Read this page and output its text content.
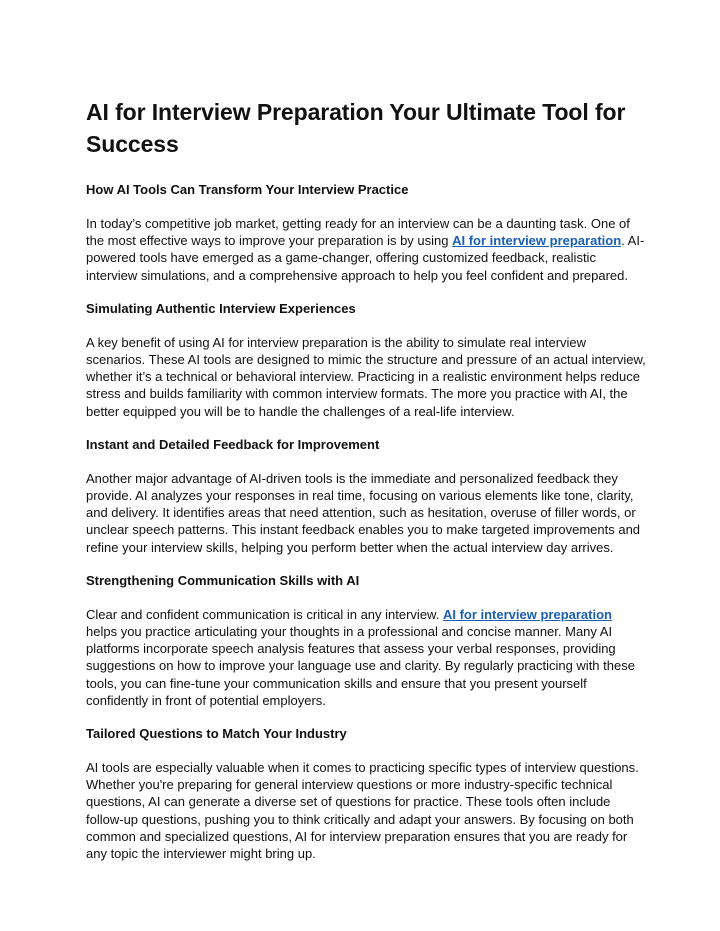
AI for Interview Preparation Your Ultimate Tool for Success
How AI Tools Can Transform Your Interview Practice

In today’s competitive job market, getting ready for an interview can be a daunting task. One of the most effective ways to improve your preparation is by using AI for interview preparation. AI-powered tools have emerged as a game-changer, offering customized feedback, realistic interview simulations, and a comprehensive approach to help you feel confident and prepared.

Simulating Authentic Interview Experiences

A key benefit of using AI for interview preparation is the ability to simulate real interview scenarios. These AI tools are designed to mimic the structure and pressure of an actual interview, whether it’s a technical or behavioral interview. Practicing in a realistic environment helps reduce stress and builds familiarity with common interview formats. The more you practice with AI, the better equipped you will be to handle the challenges of a real-life interview.

Instant and Detailed Feedback for Improvement

Another major advantage of AI-driven tools is the immediate and personalized feedback they provide. AI analyzes your responses in real time, focusing on various elements like tone, clarity, and delivery. It identifies areas that need attention, such as hesitation, overuse of filler words, or unclear speech patterns. This instant feedback enables you to make targeted improvements and refine your interview skills, helping you perform better when the actual interview day arrives.

Strengthening Communication Skills with AI

Clear and confident communication is critical in any interview. AI for interview preparation helps you practice articulating your thoughts in a professional and concise manner. Many AI platforms incorporate speech analysis features that assess your verbal responses, providing suggestions on how to improve your language use and clarity. By regularly practicing with these tools, you can fine-tune your communication skills and ensure that you present yourself confidently in front of potential employers.

Tailored Questions to Match Your Industry

AI tools are especially valuable when it comes to practicing specific types of interview questions. Whether you're preparing for general interview questions or more industry-specific technical questions, AI can generate a diverse set of questions for practice. These tools often include follow-up questions, pushing you to think critically and adapt your answers. By focusing on both common and specialized questions, AI for interview preparation ensures that you are ready for any topic the interviewer might bring up.
